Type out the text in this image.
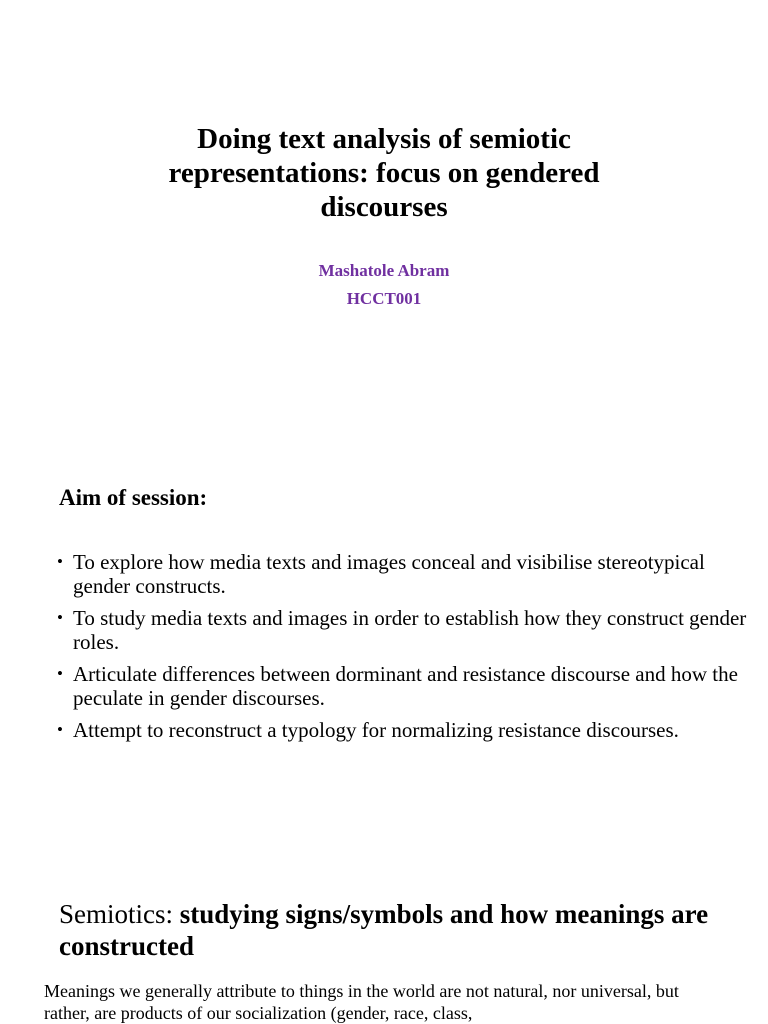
Doing text analysis of semiotic representations: focus on gendered discourses

Mashatole Abram

HCCT001

Aim of session:
• To explore how media texts and images conceal and visibilise stereotypical gender constructs.
• To study media texts and images in order to establish how they construct gender roles.
• Articulate differences between dorminant and resistance discourse and how the peculate in gender discourses.
• Attempt to reconstruct a typology for normalizing resistance discourses.
Semiotics: studying signs/symbols and how meanings are constructed

Meanings we generally attribute to things in the world are not natural, nor universal, but rather, are products of our socialization (gender, race, class,
